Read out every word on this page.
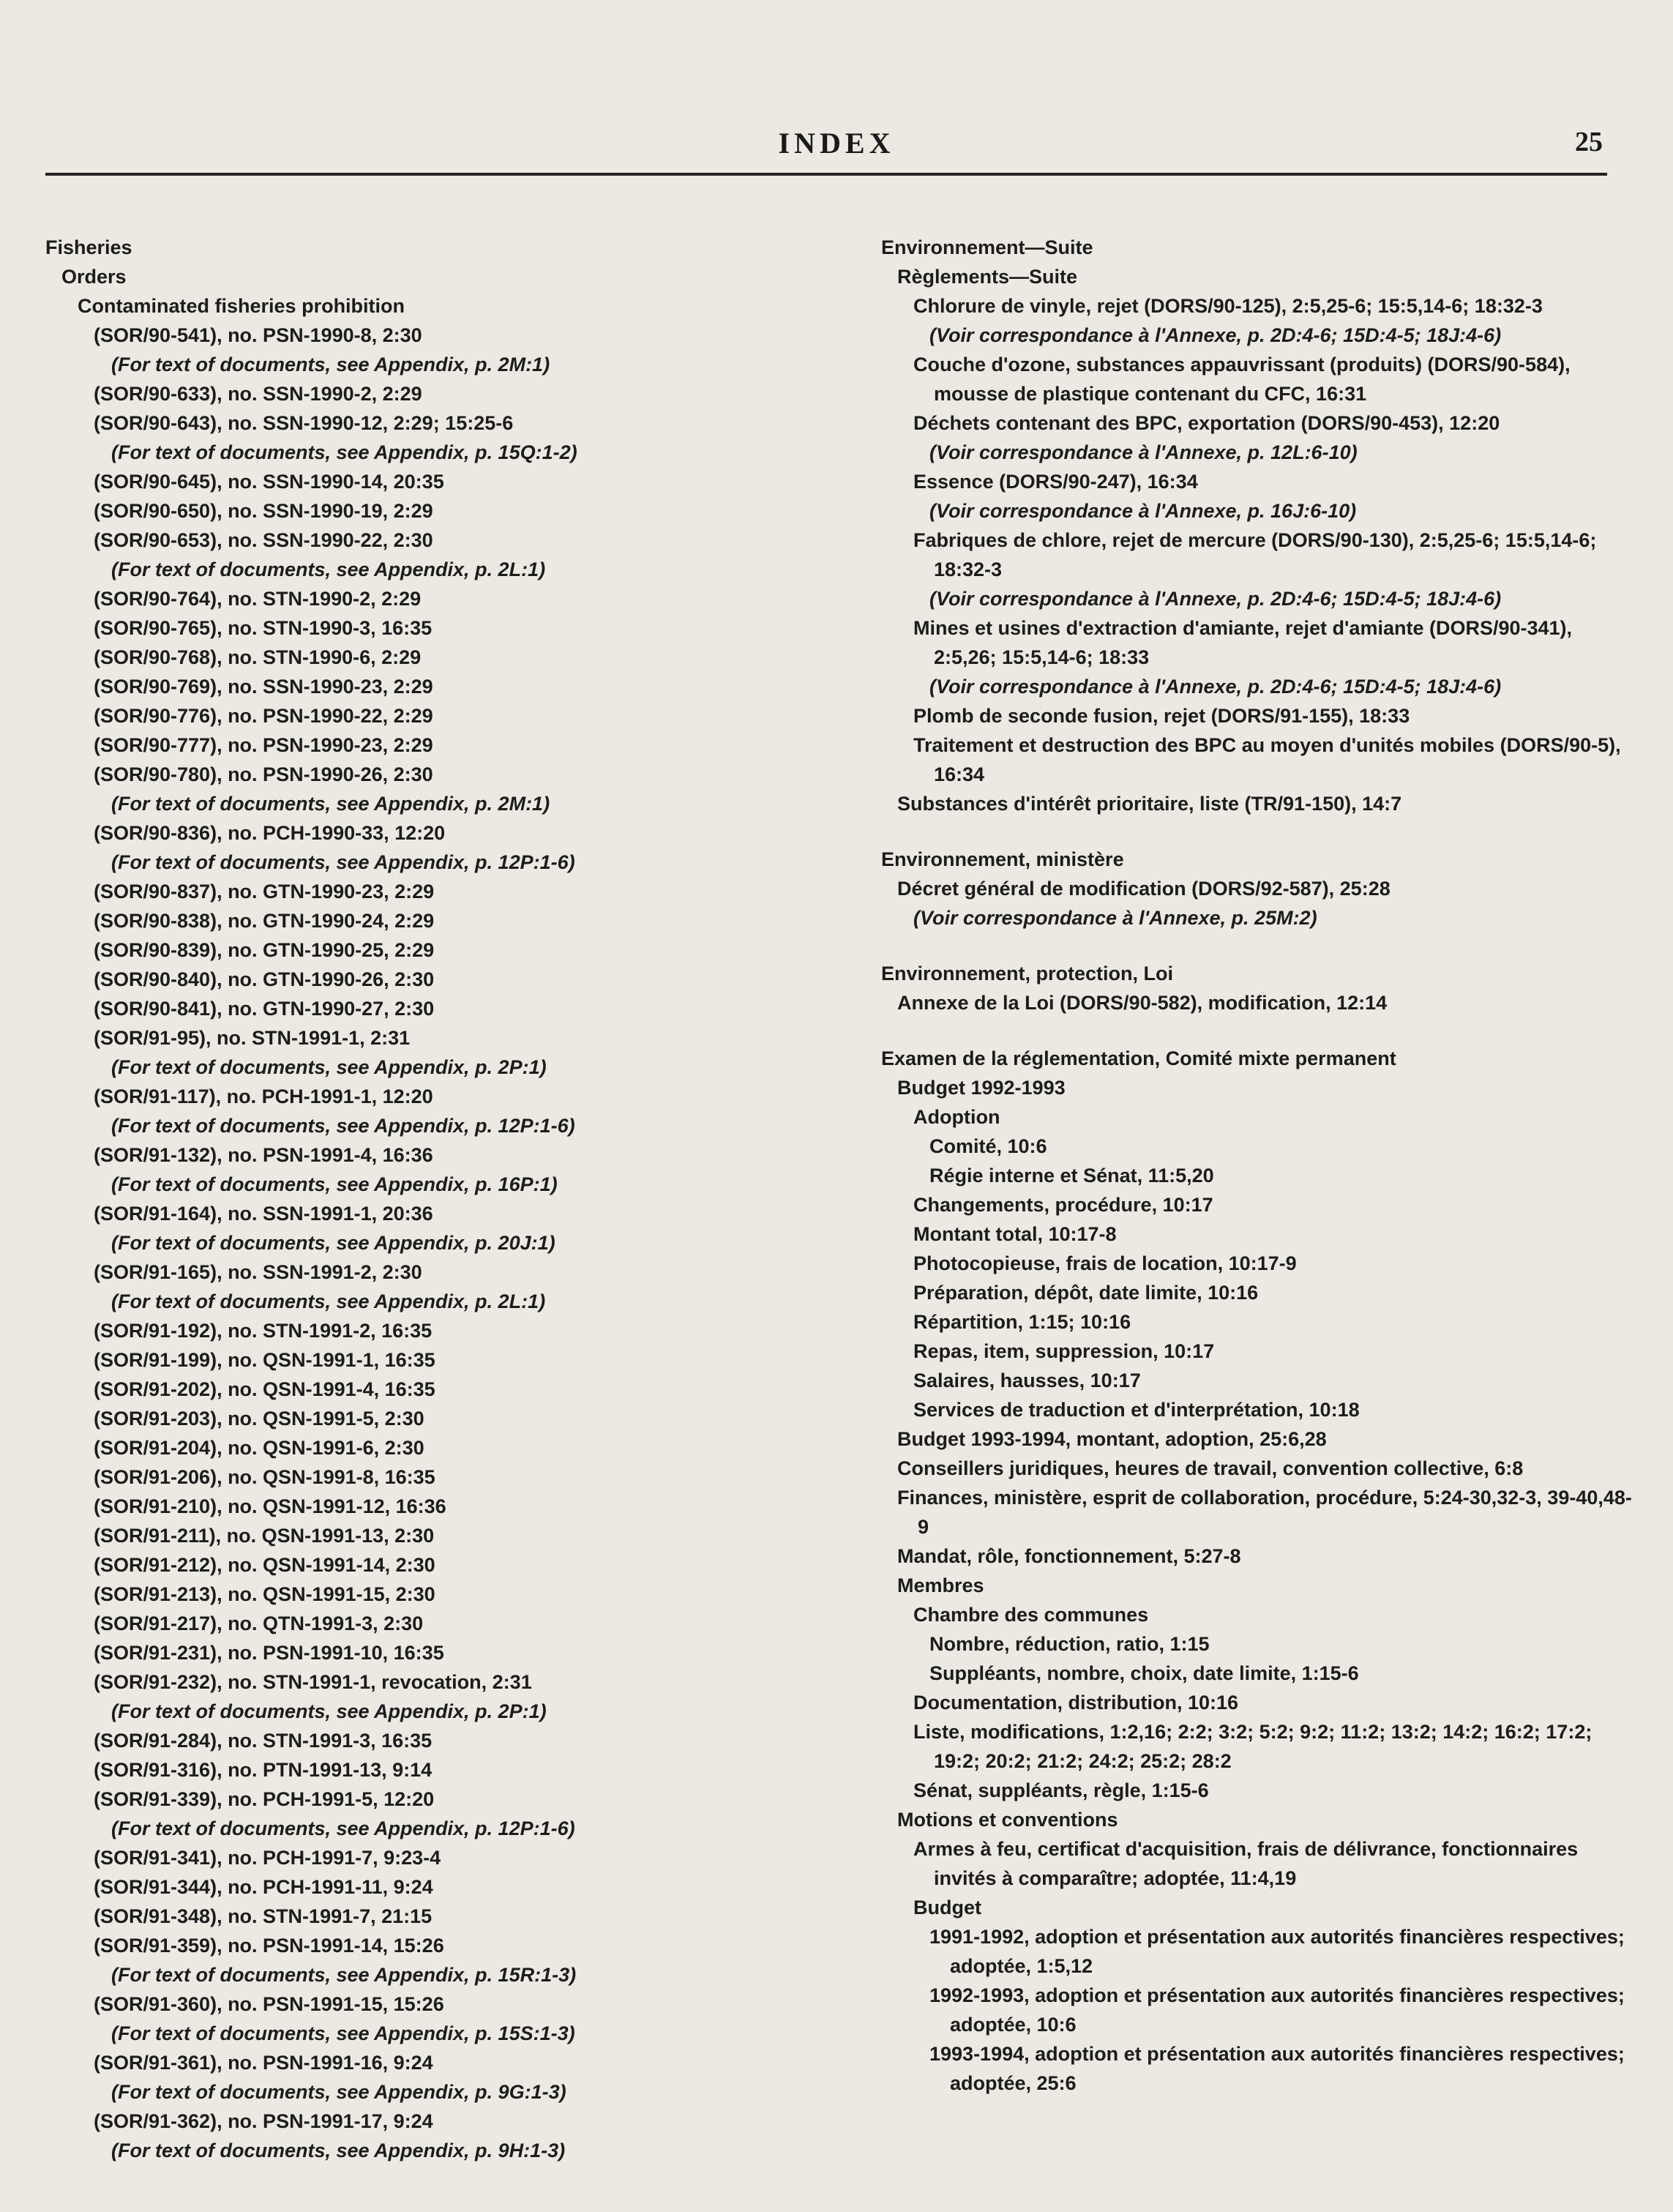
INDEX	25
Fisheries
Orders
Contaminated fisheries prohibition
(SOR/90-541), no. PSN-1990-8, 2:30
(For text of documents, see Appendix, p. 2M:1)
(SOR/90-633), no. SSN-1990-2, 2:29
(SOR/90-643), no. SSN-1990-12, 2:29; 15:25-6
(For text of documents, see Appendix, p. 15Q:1-2)
(SOR/90-645), no. SSN-1990-14, 20:35
(SOR/90-650), no. SSN-1990-19, 2:29
(SOR/90-653), no. SSN-1990-22, 2:30
(For text of documents, see Appendix, p. 2L:1)
(SOR/90-764), no. STN-1990-2, 2:29
(SOR/90-765), no. STN-1990-3, 16:35
(SOR/90-768), no. STN-1990-6, 2:29
(SOR/90-769), no. SSN-1990-23, 2:29
(SOR/90-776), no. PSN-1990-22, 2:29
(SOR/90-777), no. PSN-1990-23, 2:29
(SOR/90-780), no. PSN-1990-26, 2:30
(For text of documents, see Appendix, p. 2M:1)
(SOR/90-836), no. PCH-1990-33, 12:20
(For text of documents, see Appendix, p. 12P:1-6)
(SOR/90-837), no. GTN-1990-23, 2:29
(SOR/90-838), no. GTN-1990-24, 2:29
(SOR/90-839), no. GTN-1990-25, 2:29
(SOR/90-840), no. GTN-1990-26, 2:30
(SOR/90-841), no. GTN-1990-27, 2:30
(SOR/91-95), no. STN-1991-1, 2:31
(For text of documents, see Appendix, p. 2P:1)
(SOR/91-117), no. PCH-1991-1, 12:20
(For text of documents, see Appendix, p. 12P:1-6)
(SOR/91-132), no. PSN-1991-4, 16:36
(For text of documents, see Appendix, p. 16P:1)
(SOR/91-164), no. SSN-1991-1, 20:36
(For text of documents, see Appendix, p. 20J:1)
(SOR/91-165), no. SSN-1991-2, 2:30
(For text of documents, see Appendix, p. 2L:1)
(SOR/91-192), no. STN-1991-2, 16:35
(SOR/91-199), no. QSN-1991-1, 16:35
(SOR/91-202), no. QSN-1991-4, 16:35
(SOR/91-203), no. QSN-1991-5, 2:30
(SOR/91-204), no. QSN-1991-6, 2:30
(SOR/91-206), no. QSN-1991-8, 16:35
(SOR/91-210), no. QSN-1991-12, 16:36
(SOR/91-211), no. QSN-1991-13, 2:30
(SOR/91-212), no. QSN-1991-14, 2:30
(SOR/91-213), no. QSN-1991-15, 2:30
(SOR/91-217), no. QTN-1991-3, 2:30
(SOR/91-231), no. PSN-1991-10, 16:35
(SOR/91-232), no. STN-1991-1, revocation, 2:31
(For text of documents, see Appendix, p. 2P:1)
(SOR/91-284), no. STN-1991-3, 16:35
(SOR/91-316), no. PTN-1991-13, 9:14
(SOR/91-339), no. PCH-1991-5, 12:20
(For text of documents, see Appendix, p. 12P:1-6)
(SOR/91-341), no. PCH-1991-7, 9:23-4
(SOR/91-344), no. PCH-1991-11, 9:24
(SOR/91-348), no. STN-1991-7, 21:15
(SOR/91-359), no. PSN-1991-14, 15:26
(For text of documents, see Appendix, p. 15R:1-3)
(SOR/91-360), no. PSN-1991-15, 15:26
(For text of documents, see Appendix, p. 15S:1-3)
(SOR/91-361), no. PSN-1991-16, 9:24
(For text of documents, see Appendix, p. 9G:1-3)
(SOR/91-362), no. PSN-1991-17, 9:24
(For text of documents, see Appendix, p. 9H:1-3)
Environnement—Suite
Règlements—Suite
Chlorure de vinyle, rejet (DORS/90-125), 2:5,25-6; 15:5,14-6; 18:32-3
(Voir correspondance à l'Annexe, p. 2D:4-6; 15D:4-5; 18J:4-6)
Couche d'ozone, substances appauvrissant (produits) (DORS/90-584), mousse de plastique contenant du CFC, 16:31
Déchets contenant des BPC, exportation (DORS/90-453), 12:20
(Voir correspondance à l'Annexe, p. 12L:6-10)
Essence (DORS/90-247), 16:34
(Voir correspondance à l'Annexe, p. 16J:6-10)
Fabriques de chlore, rejet de mercure (DORS/90-130), 2:5,25-6; 15:5,14-6; 18:32-3
(Voir correspondance à l'Annexe, p. 2D:4-6; 15D:4-5; 18J:4-6)
Mines et usines d'extraction d'amiante, rejet d'amiante (DORS/90-341), 2:5,26; 15:5,14-6; 18:33
(Voir correspondance à l'Annexe, p. 2D:4-6; 15D:4-5; 18J:4-6)
Plomb de seconde fusion, rejet (DORS/91-155), 18:33
Traitement et destruction des BPC au moyen d'unités mobiles (DORS/90-5), 16:34
Substances d'intérêt prioritaire, liste (TR/91-150), 14:7
Environnement, ministère
Décret général de modification (DORS/92-587), 25:28
(Voir correspondance à l'Annexe, p. 25M:2)
Environnement, protection, Loi
Annexe de la Loi (DORS/90-582), modification, 12:14
Examen de la réglementation, Comité mixte permanent
Budget 1992-1993
Adoption
Comité, 10:6
Régie interne et Sénat, 11:5,20
Changements, procédure, 10:17
Montant total, 10:17-8
Photocopieuse, frais de location, 10:17-9
Préparation, dépôt, date limite, 10:16
Répartition, 1:15; 10:16
Repas, item, suppression, 10:17
Salaires, hausses, 10:17
Services de traduction et d'interprétation, 10:18
Budget 1993-1994, montant, adoption, 25:6,28
Conseillers juridiques, heures de travail, convention collective, 6:8
Finances, ministère, esprit de collaboration, procédure, 5:24-30,32-3, 39-40,48-9
Mandat, rôle, fonctionnement, 5:27-8
Membres
Chambre des communes
Nombre, réduction, ratio, 1:15
Suppléants, nombre, choix, date limite, 1:15-6
Documentation, distribution, 10:16
Liste, modifications, 1:2,16; 2:2; 3:2; 5:2; 9:2; 11:2; 13:2; 14:2; 16:2; 17:2; 19:2; 20:2; 21:2; 24:2; 25:2; 28:2
Sénat, suppléants, règle, 1:15-6
Motions et conventions
Armes à feu, certificat d'acquisition, frais de délivrance, fonctionnaires invités à comparaître; adoptée, 11:4,19
Budget
1991-1992, adoption et présentation aux autorités financières respectives; adoptée, 1:5,12
1992-1993, adoption et présentation aux autorités financières respectives; adoptée, 10:6
1993-1994, adoption et présentation aux autorités financières respectives; adoptée, 25:6
